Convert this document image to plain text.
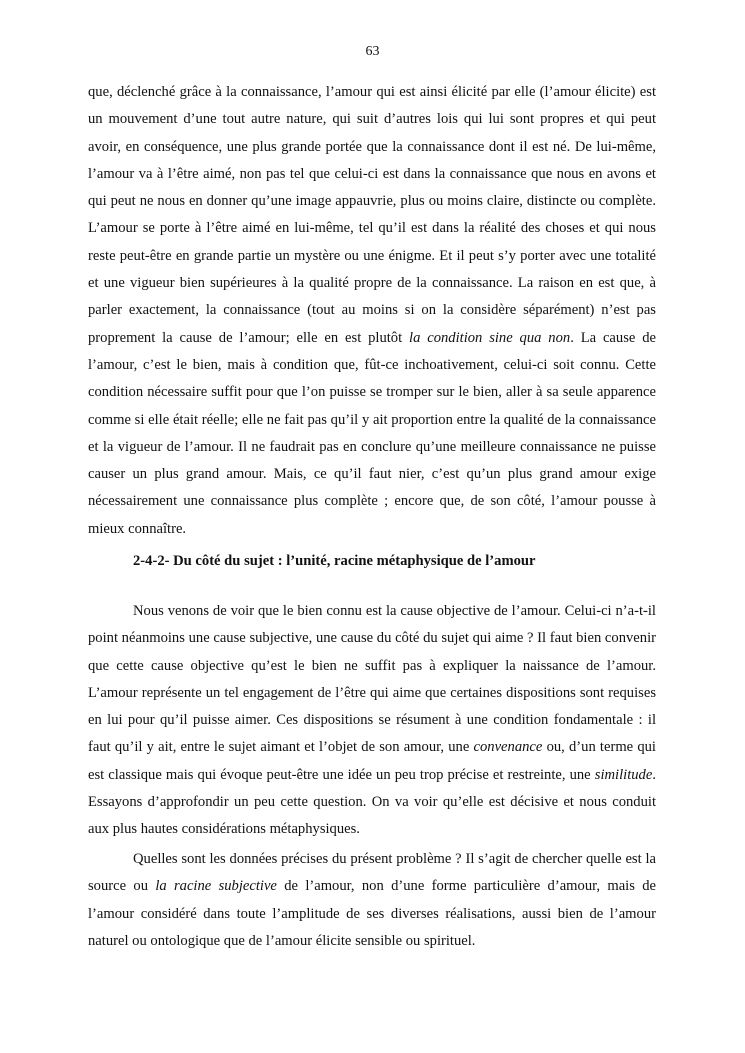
63
que, déclenché grâce à la connaissance, l’amour qui est ainsi élicité par elle (l’amour élicite) est un mouvement d’une tout autre nature, qui suit d’autres lois qui lui sont propres et qui peut avoir, en conséquence, une plus grande portée que la connaissance dont il est né. De lui-même, l’amour va à l’être aimé, non pas tel que celui-ci est dans la connaissance que nous en avons et qui peut ne nous en donner qu’une image appauvrie, plus ou moins claire, distincte ou complète. L’amour se porte à l’être aimé en lui-même, tel qu’il est dans la réalité des choses et qui nous reste peut-être en grande partie un mystère ou une énigme. Et il peut s’y porter avec une totalité et une vigueur bien supérieures à la qualité propre de la connaissance. La raison en est que, à parler exactement, la connaissance (tout au moins si on la considère séparément) n’est pas proprement la cause de l’amour; elle en est plutôt la condition sine qua non. La cause de l’amour, c’est le bien, mais à condition que, fût-ce inchoativement, celui-ci soit connu. Cette condition nécessaire suffit pour que l’on puisse se tromper sur le bien, aller à sa seule apparence comme si elle était réelle; elle ne fait pas qu’il y ait proportion entre la qualité de la connaissance et la vigueur de l’amour. Il ne faudrait pas en conclure qu’une meilleure connaissance ne puisse causer un plus grand amour. Mais, ce qu’il faut nier, c’est qu’un plus grand amour exige nécessairement une connaissance plus complète ; encore que, de son côté, l’amour pousse à mieux connaître.
2-4-2- Du côté du sujet : l’unité, racine métaphysique de l’amour
Nous venons de voir que le bien connu est la cause objective de l’amour. Celui-ci n’a-t-il point néanmoins une cause subjective, une cause du côté du sujet qui aime ? Il faut bien convenir que cette cause objective qu’est le bien ne suffit pas à expliquer la naissance de l’amour. L’amour représente un tel engagement de l’être qui aime que certaines dispositions sont requises en lui pour qu’il puisse aimer. Ces dispositions se résument à une condition fondamentale : il faut qu’il y ait, entre le sujet aimant et l’objet de son amour, une convenance ou, d’un terme qui est classique mais qui évoque peut-être une idée un peu trop précise et restreinte, une similitude. Essayons d’approfondir un peu cette question. On va voir qu’elle est décisive et nous conduit aux plus hautes considérations métaphysiques.
Quelles sont les données précises du présent problème ? Il s’agit de chercher quelle est la source ou la racine subjective de l’amour, non d’une forme particulière d’amour, mais de l’amour considéré dans toute l’amplitude de ses diverses réalisations, aussi bien de l’amour naturel ou ontologique que de l’amour élicite sensible ou spirituel.
